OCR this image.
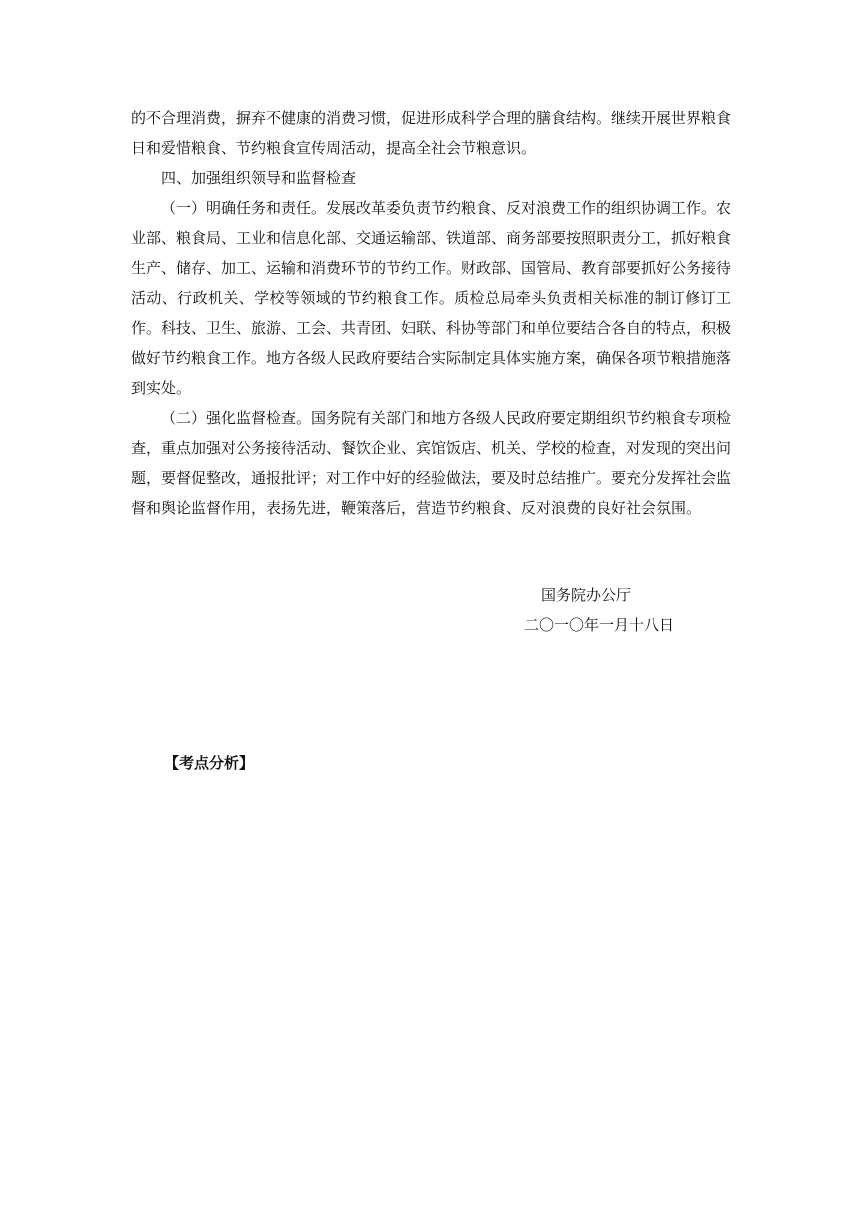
的不合理消费，摒弃不健康的消费习惯，促进形成科学合理的膳食结构。继续开展世界粮食日和爱惜粮食、节约粮食宣传周活动，提高全社会节粮意识。

四、加强组织领导和监督检查

（一）明确任务和责任。发展改革委负责节约粮食、反对浪费工作的组织协调工作。农业部、粮食局、工业和信息化部、交通运输部、铁道部、商务部要按照职责分工，抓好粮食生产、储存、加工、运输和消费环节的节约工作。财政部、国管局、教育部要抓好公务接待活动、行政机关、学校等领域的节约粮食工作。质检总局牵头负责相关标准的制订修订工作。科技、卫生、旅游、工会、共青团、妇联、科协等部门和单位要结合各自的特点，积极做好节约粮食工作。地方各级人民政府要结合实际制定具体实施方案，确保各项节粮措施落到实处。

（二）强化监督检查。国务院有关部门和地方各级人民政府要定期组织节约粮食专项检查，重点加强对公务接待活动、餐饮企业、宾馆饭店、机关、学校的检查，对发现的突出问题，要督促整改，通报批评；对工作中好的经验做法，要及时总结推广。要充分发挥社会监督和舆论监督作用，表扬先进，鞭策落后，营造节约粮食、反对浪费的良好社会氛围。

国务院办公厅

二〇一〇年一月十八日

【考点分析】
